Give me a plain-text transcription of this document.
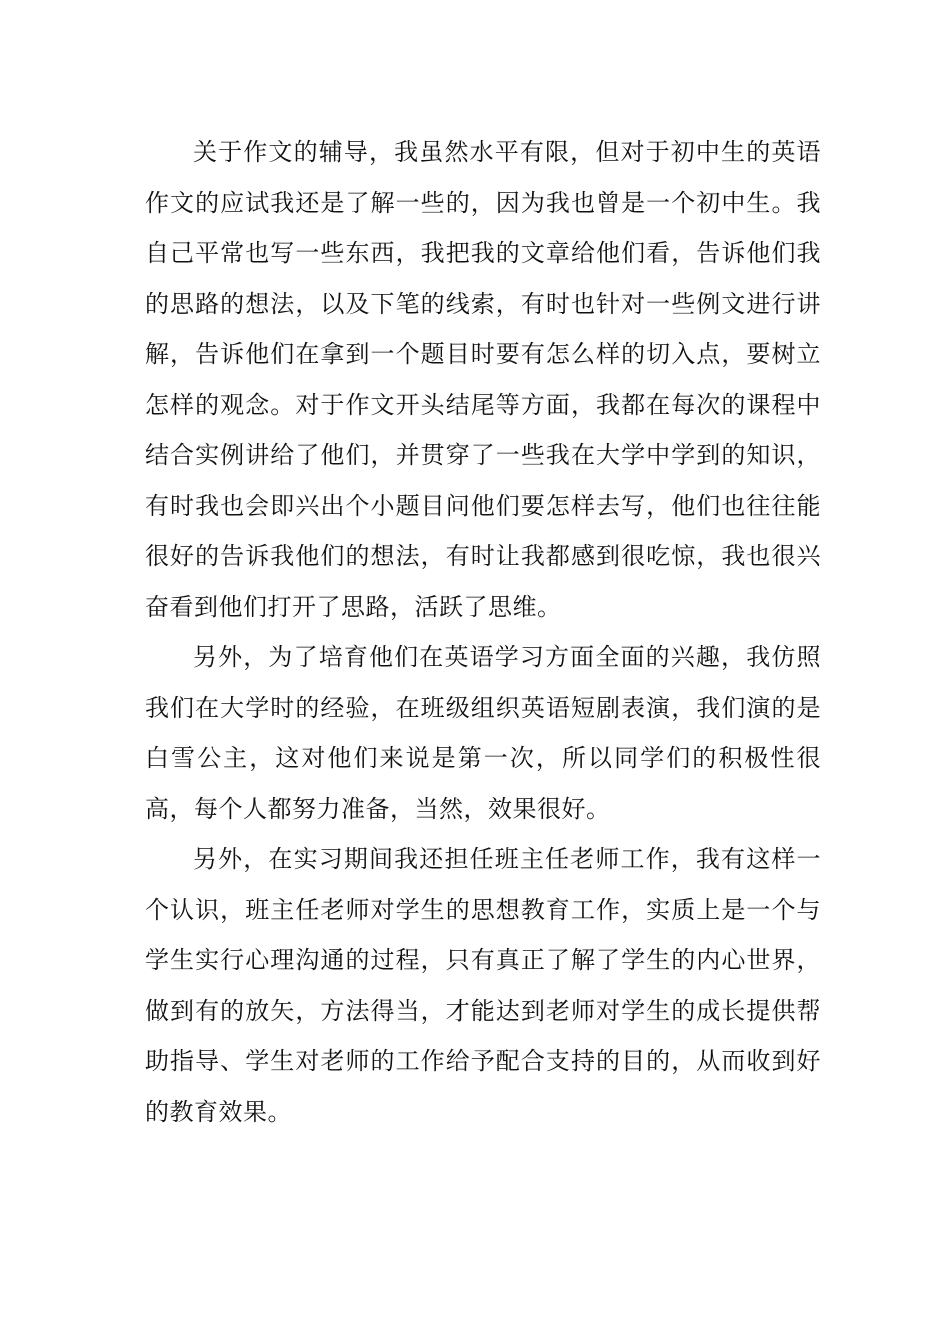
关于作文的辅导，我虽然水平有限，但对于初中生的英语作文的应试我还是了解一些的，因为我也曾是一个初中生。我自己平常也写一些东西，我把我的文章给他们看，告诉他们我的思路的想法，以及下笔的线索，有时也针对一些例文进行讲解，告诉他们在拿到一个题目时要有怎么样的切入点，要树立怎样的观念。对于作文开头结尾等方面，我都在每次的课程中结合实例讲给了他们，并贯穿了一些我在大学中学到的知识，有时我也会即兴出个小题目问他们要怎样去写，他们也往往能很好的告诉我他们的想法，有时让我都感到很吃惊，我也很兴奋看到他们打开了思路，活跃了思维。

另外，为了培育他们在英语学习方面全面的兴趣，我仿照我们在大学时的经验，在班级组织英语短剧表演，我们演的是白雪公主，这对他们来说是第一次，所以同学们的积极性很高，每个人都努力准备，当然，效果很好。

另外，在实习期间我还担任班主任老师工作，我有这样一个认识，班主任老师对学生的思想教育工作，实质上是一个与学生实行心理沟通的过程，只有真正了解了学生的内心世界，做到有的放矢，方法得当，才能达到老师对学生的成长提供帮助指导、学生对老师的工作给予配合支持的目的，从而收到好的教育效果。
